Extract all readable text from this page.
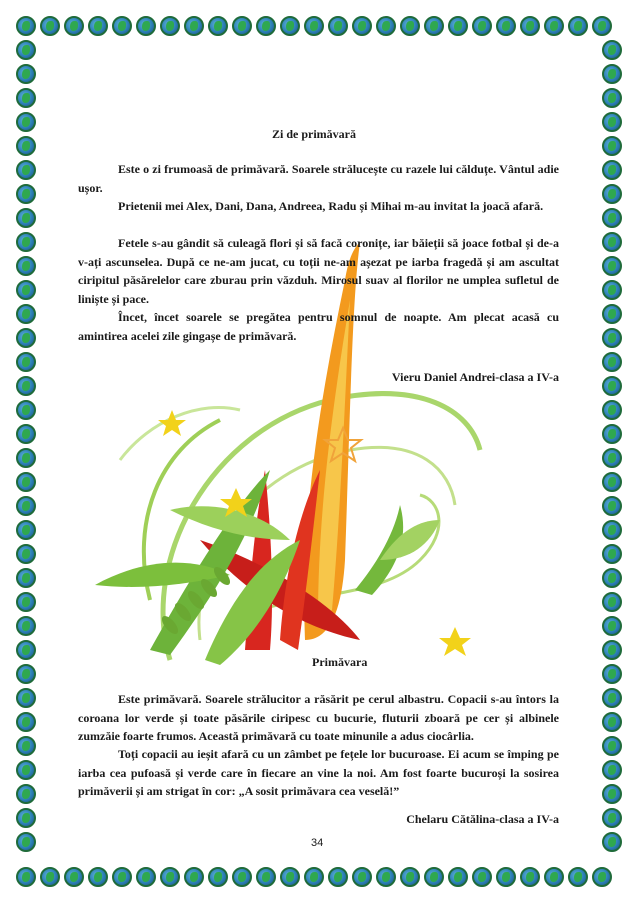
Zi de primăvară

Este o zi frumoasă de primăvară. Soarele strălucește cu razele lui călduțe. Vântul adie ușor.

Prietenii mei Alex, Dani, Dana, Andreea, Radu și Mihai m-au invitat la joacă afară.

Fetele s-au gândit să culeagă flori și să facă coronițe, iar băieții să joace fotbal și de-a v-ați ascunselea. După ce ne-am jucat, cu toții ne-am așezat pe iarba fragedă și am ascultat ciripitul păsărelelor care zburau prin văzduh. Mirosul suav al florilor ne umplea sufletul de liniște și pace.

Încet, încet soarele se pregătea pentru somnul de noapte. Am plecat acasă cu amintirea acelei zile gingașe de primăvară.

Vieru Daniel Andrei-clasa a IV-a
Primăvara

Este primăvară. Soarele strălucitor a răsărit pe cerul albastru. Copacii s-au întors la coroana lor verde și toate păsările ciripesc cu bucurie, fluturii zboară pe cer și albinele zumzăie foarte frumos. Această primăvară cu toate minunile a adus ciocârlia.

Toți copacii au ieșit afară cu un zâmbet pe fețele lor bucuroase. Ei acum se împing pe iarba cea pufoasă și verde care în fiecare an vine la noi. Am fost foarte bucuroși la sosirea primăverii și am strigat în cor: „A sosit primăvara cea veselă!”

Chelaru Cătălina-clasa a IV-a
34
